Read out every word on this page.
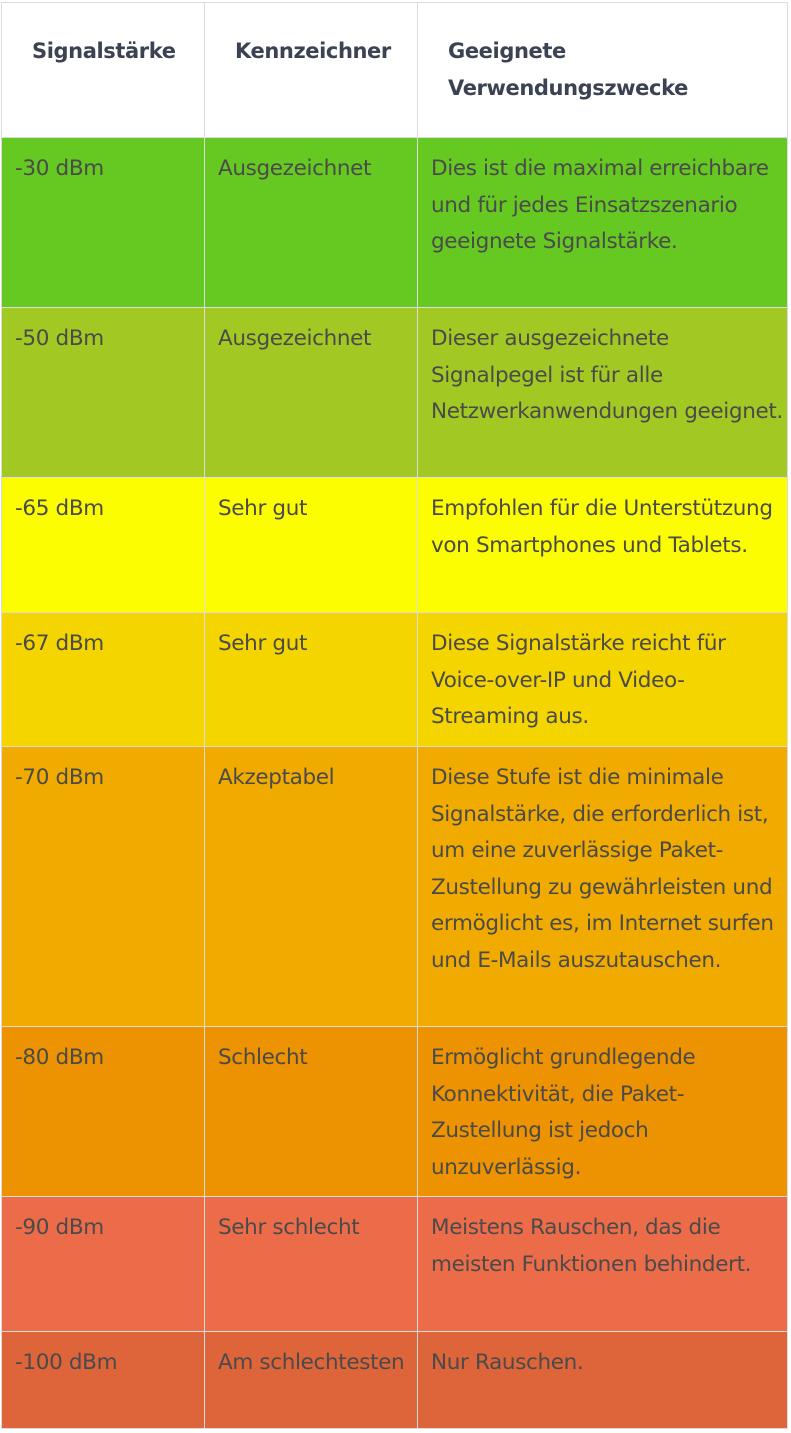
Signalstärke	Kennzeichner	Geeignete Verwendungszwecke
-30 dBm	Ausgezeichnet	Dies ist die maximal erreichbare und für jedes Einsatzszenario geeignete Signalstärke.
-50 dBm	Ausgezeichnet	Dieser ausgezeichnete Signalpegel ist für alle Netzwerkanwendungen geeignet.
-65 dBm	Sehr gut	Empfohlen für die Unterstützung von Smartphones und Tablets.
-67 dBm	Sehr gut	Diese Signalstärke reicht für Voice-over-IP und Video-Streaming aus.
-70 dBm	Akzeptabel	Diese Stufe ist die minimale Signalstärke, die erforderlich ist, um eine zuverlässige Paket-Zustellung zu gewährleisten und ermöglicht es, im Internet surfen und E-Mails auszutauschen.
-80 dBm	Schlecht	Ermöglicht grundlegende Konnektivität, die Paket-Zustellung ist jedoch unzuverlässig.
-90 dBm	Sehr schlecht	Meistens Rauschen, das die meisten Funktionen behindert.
-100 dBm	Am schlechtesten	Nur Rauschen.
